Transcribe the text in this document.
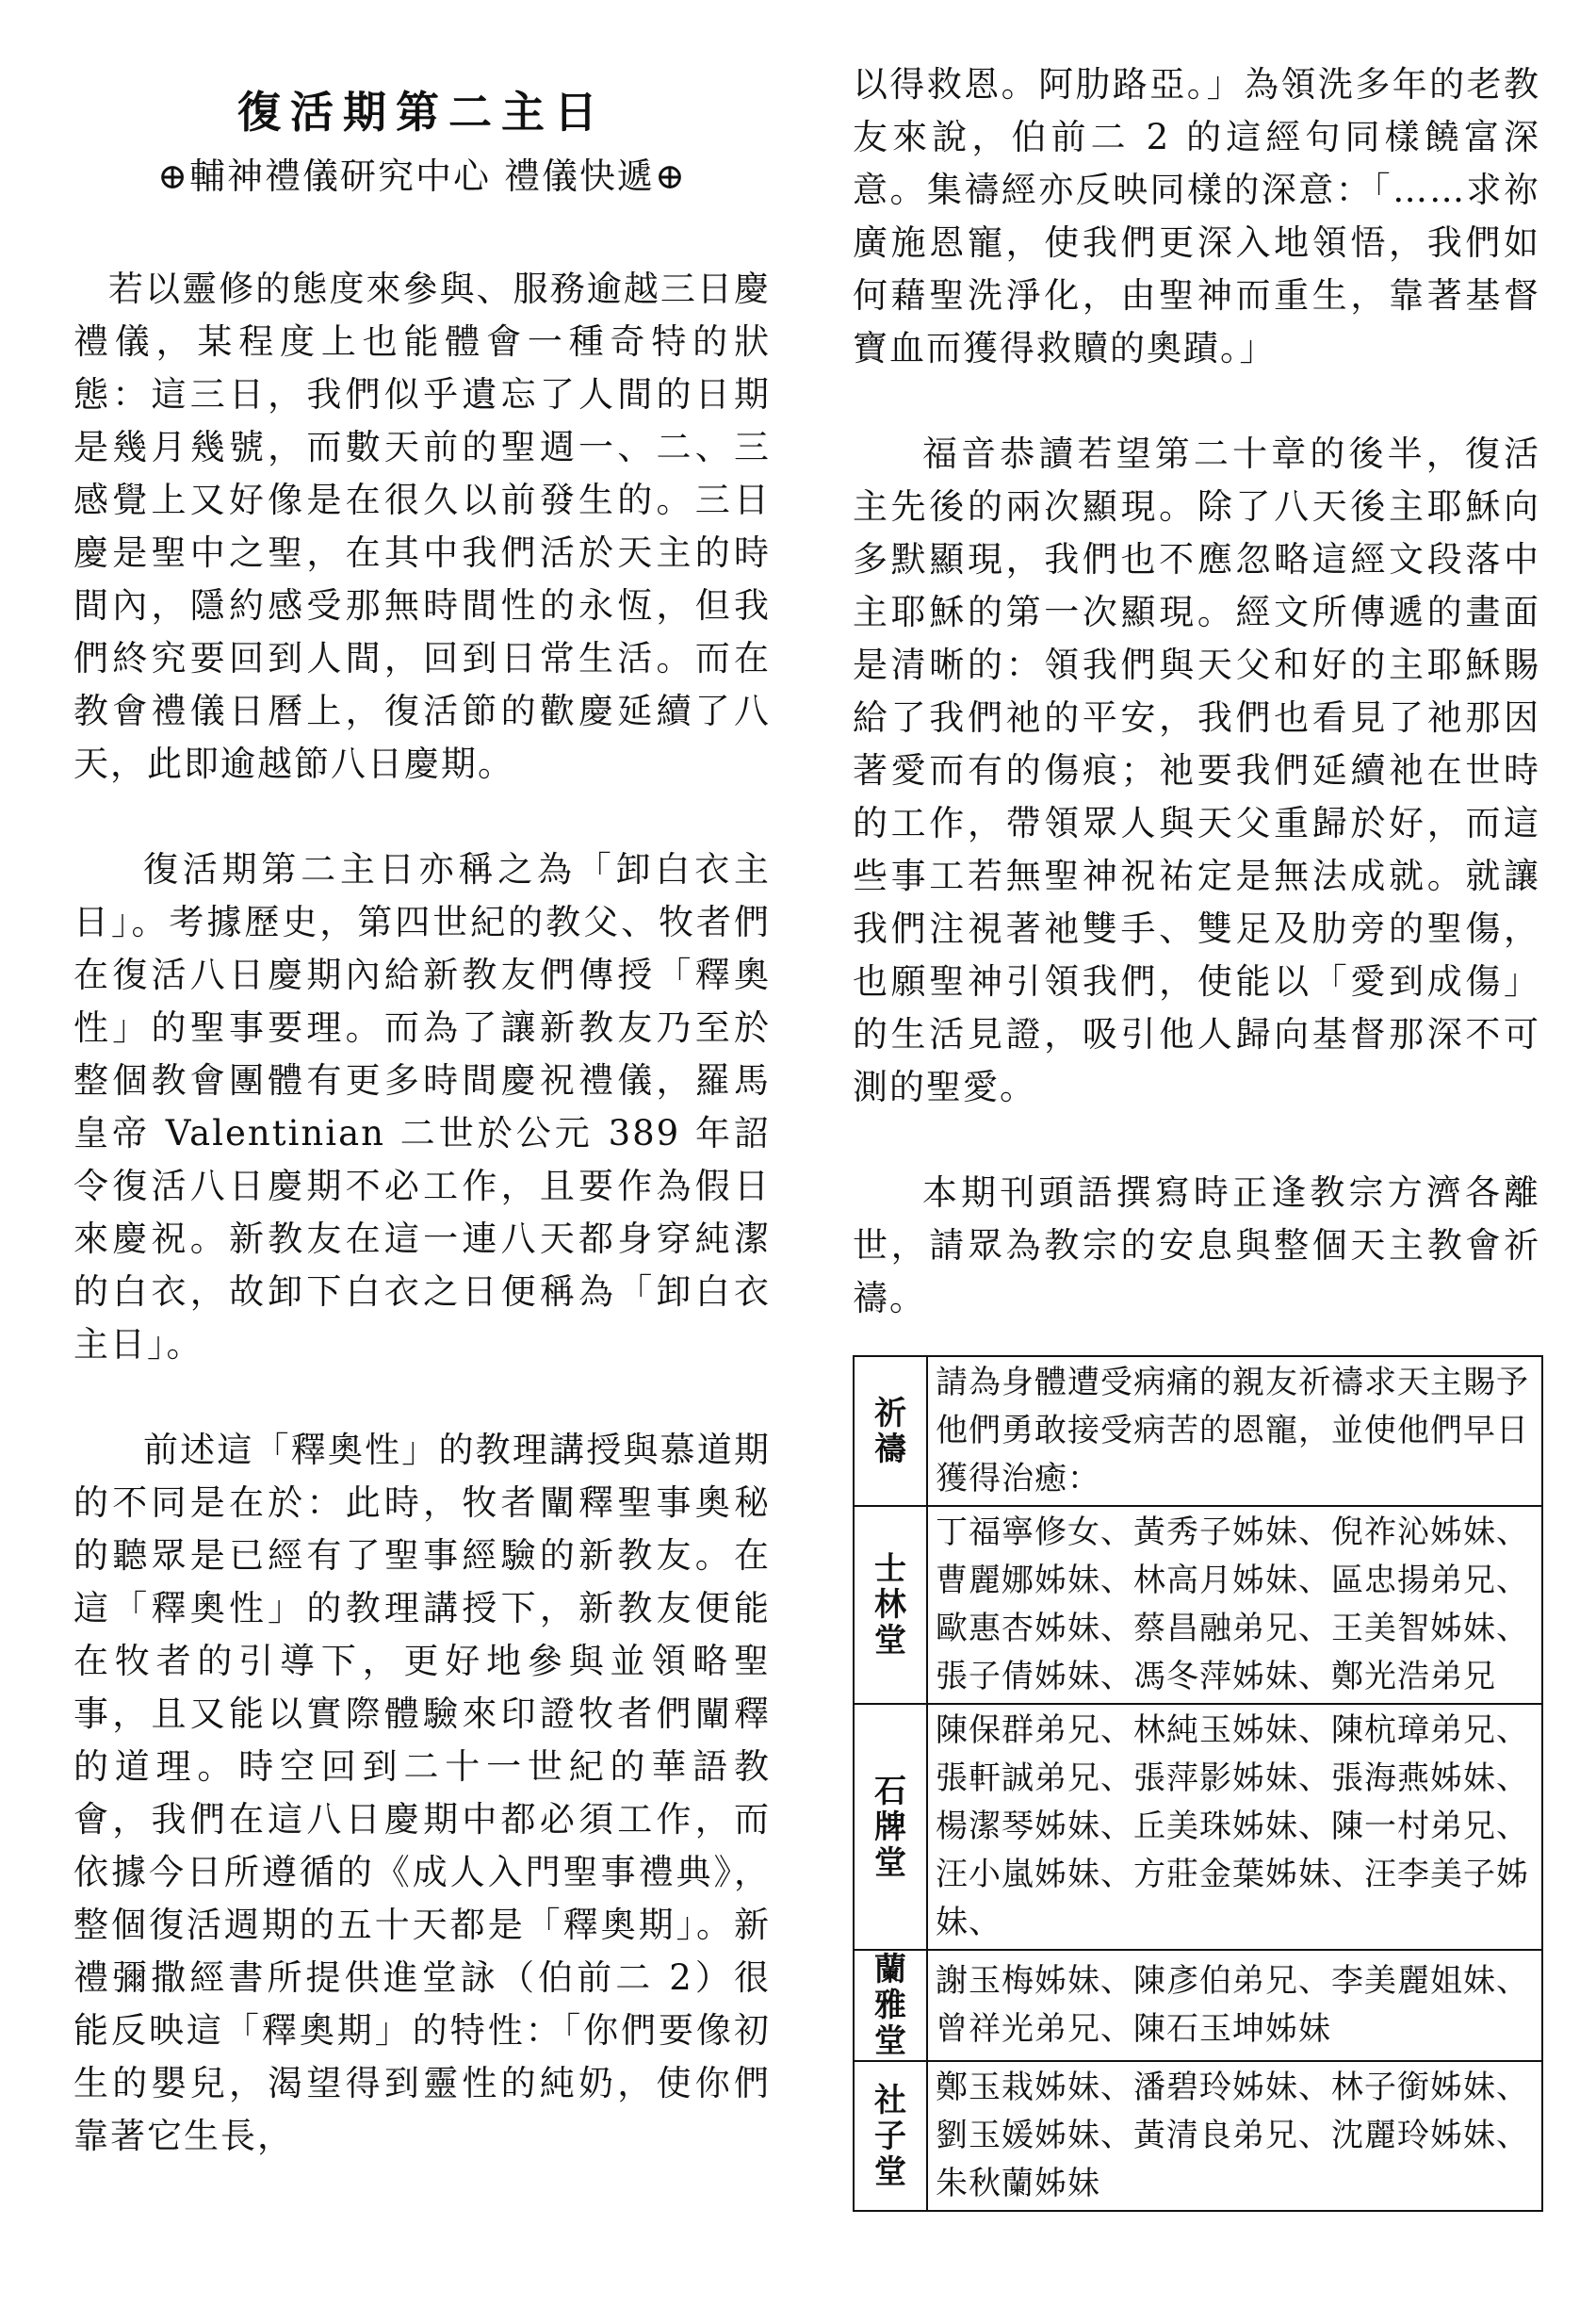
復活期第二主日
⊕輔神禮儀研究中心 禮儀快遞⊕

若以靈修的態度來參與、服務逾越三日慶禮儀，某程度上也能體會一種奇特的狀態：這三日，我們似乎遺忘了人間的日期是幾月幾號，而數天前的聖週一、二、三感覺上又好像是在很久以前發生的。三日慶是聖中之聖，在其中我們活於天主的時間內，隱約感受那無時間性的永恆，但我們終究要回到人間，回到日常生活。而在教會禮儀日曆上，復活節的歡慶延續了八天，此即逾越節八日慶期。

復活期第二主日亦稱之為「卸白衣主日」。考據歷史，第四世紀的教父、牧者們在復活八日慶期內給新教友們傳授「釋奧性」的聖事要理。而為了讓新教友乃至於整個教會團體有更多時間慶祝禮儀，羅馬皇帝 Valentinian 二世於公元 389 年詔令復活八日慶期不必工作，且要作為假日來慶祝。新教友在這一連八天都身穿純潔的白衣，故卸下白衣之日便稱為「卸白衣主日」。

前述這「釋奧性」的教理講授與慕道期的不同是在於：此時，牧者闡釋聖事奧秘的聽眾是已經有了聖事經驗的新教友。在這「釋奧性」的教理講授下，新教友便能在牧者的引導下，更好地參與並領略聖事，且又能以實際體驗來印證牧者們闡釋的道理。時空回到二十一世紀的華語教會，我們在這八日慶期中都必須工作，而依據今日所遵循的《成人入門聖事禮典》，整個復活週期的五十天都是「釋奧期」。新禮彌撒經書所提供進堂詠（伯前二 2）很能反映這「釋奧期」的特性：「你們要像初生的嬰兒，渴望得到靈性的純奶，使你們靠著它生長，

以得救恩。阿肋路亞。」為領洗多年的老教友來說，伯前二 2 的這經句同樣饒富深意。集禱經亦反映同樣的深意：「……求祢廣施恩寵，使我們更深入地領悟，我們如何藉聖洗淨化，由聖神而重生，靠著基督寶血而獲得救贖的奧蹟。」

福音恭讀若望第二十章的後半，復活主先後的兩次顯現。除了八天後主耶穌向多默顯現，我們也不應忽略這經文段落中主耶穌的第一次顯現。經文所傳遞的畫面是清晰的：領我們與天父和好的主耶穌賜給了我們祂的平安，我們也看見了祂那因著愛而有的傷痕；祂要我們延續祂在世時的工作，帶領眾人與天父重歸於好，而這些事工若無聖神祝祐定是無法成就。就讓我們注視著祂雙手、雙足及肋旁的聖傷，也願聖神引領我們，使能以「愛到成傷」的生活見證，吸引他人歸向基督那深不可測的聖愛。

本期刊頭語撰寫時正逢教宗方濟各離世，請眾為教宗的安息與整個天主教會祈禱。

祈禱	請為身體遭受病痛的親友祈禱求天主賜予他們勇敢接受病苦的恩寵，並使他們早日獲得治癒：
士林堂	丁福寧修女、黃秀子姊妹、倪祚沁姊妹、曹麗娜姊妹、林高月姊妹、區忠揚弟兄、歐惠杏姊妹、蔡昌融弟兄、王美智姊妹、張子倩姊妹、馮冬萍姊妹、鄭光浩弟兄
石牌堂	陳保群弟兄、林純玉姊妹、陳杭璋弟兄、張軒誠弟兄、張萍影姊妹、張海燕姊妹、楊潔琴姊妹、丘美珠姊妹、陳一村弟兄、汪小嵐姊妹、方莊金葉姊妹、汪李美子姊妹、
蘭雅堂	謝玉梅姊妹、陳彥伯弟兄、李美麗姐妹、曾祥光弟兄、陳石玉坤姊妹
社子堂	鄭玉栽姊妹、潘碧玲姊妹、林子銜姊妹、劉玉媛姊妹、黃清良弟兄、沈麗玲姊妹、朱秋蘭姊妹
